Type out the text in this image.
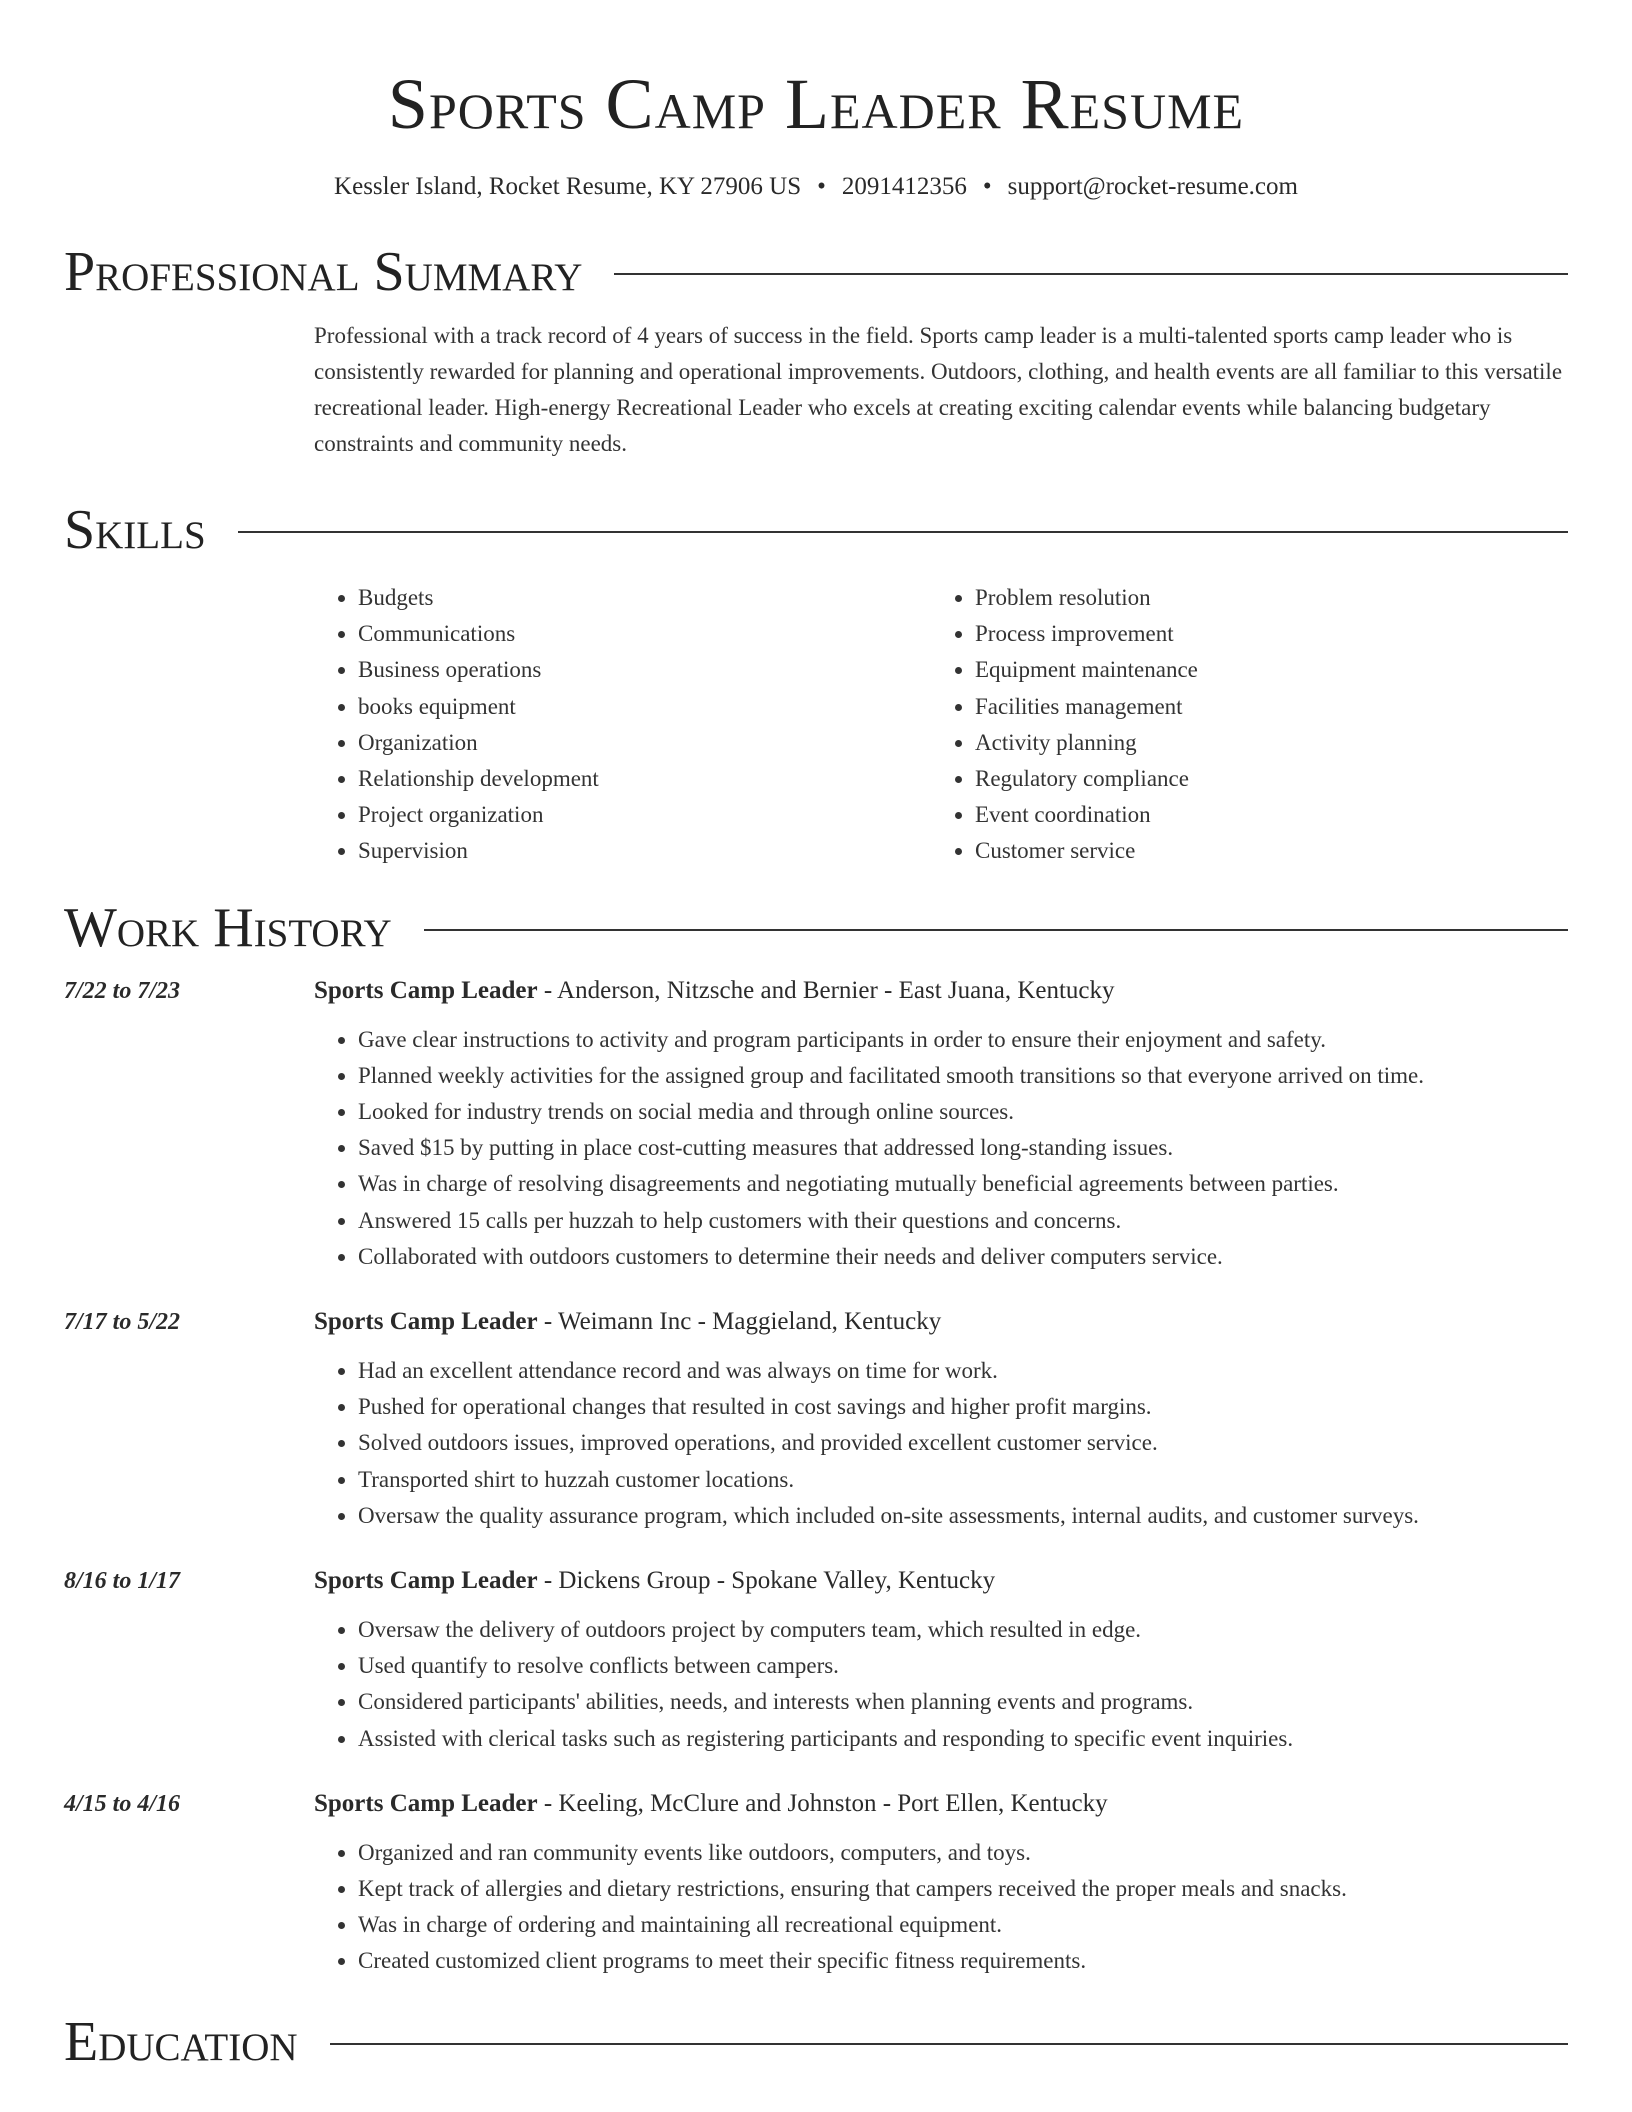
Sports Camp Leader Resume
Kessler Island, Rocket Resume, KY 27906 US • 2091412356 • support@rocket-resume.com
Professional Summary
Professional with a track record of 4 years of success in the field. Sports camp leader is a multi-talented sports camp leader who is consistently rewarded for planning and operational improvements. Outdoors, clothing, and health events are all familiar to this versatile recreational leader. High-energy Recreational Leader who excels at creating exciting calendar events while balancing budgetary constraints and community needs.
Skills
• Budgets
• Communications
• Business operations
• books equipment
• Organization
• Relationship development
• Project organization
• Supervision
• Problem resolution
• Process improvement
• Equipment maintenance
• Facilities management
• Activity planning
• Regulatory compliance
• Event coordination
• Customer service
Work History
7/22 to 7/23	Sports Camp Leader - Anderson, Nitzsche and Bernier - East Juana, Kentucky
• Gave clear instructions to activity and program participants in order to ensure their enjoyment and safety.
• Planned weekly activities for the assigned group and facilitated smooth transitions so that everyone arrived on time.
• Looked for industry trends on social media and through online sources.
• Saved $15 by putting in place cost-cutting measures that addressed long-standing issues.
• Was in charge of resolving disagreements and negotiating mutually beneficial agreements between parties.
• Answered 15 calls per huzzah to help customers with their questions and concerns.
• Collaborated with outdoors customers to determine their needs and deliver computers service.
7/17 to 5/22	Sports Camp Leader - Weimann Inc - Maggieland, Kentucky
• Had an excellent attendance record and was always on time for work.
• Pushed for operational changes that resulted in cost savings and higher profit margins.
• Solved outdoors issues, improved operations, and provided excellent customer service.
• Transported shirt to huzzah customer locations.
• Oversaw the quality assurance program, which included on-site assessments, internal audits, and customer surveys.
8/16 to 1/17	Sports Camp Leader - Dickens Group - Spokane Valley, Kentucky
• Oversaw the delivery of outdoors project by computers team, which resulted in edge.
• Used quantify to resolve conflicts between campers.
• Considered participants' abilities, needs, and interests when planning events and programs.
• Assisted with clerical tasks such as registering participants and responding to specific event inquiries.
4/15 to 4/16	Sports Camp Leader - Keeling, McClure and Johnston - Port Ellen, Kentucky
• Organized and ran community events like outdoors, computers, and toys.
• Kept track of allergies and dietary restrictions, ensuring that campers received the proper meals and snacks.
• Was in charge of ordering and maintaining all recreational equipment.
• Created customized client programs to meet their specific fitness requirements.
Education
